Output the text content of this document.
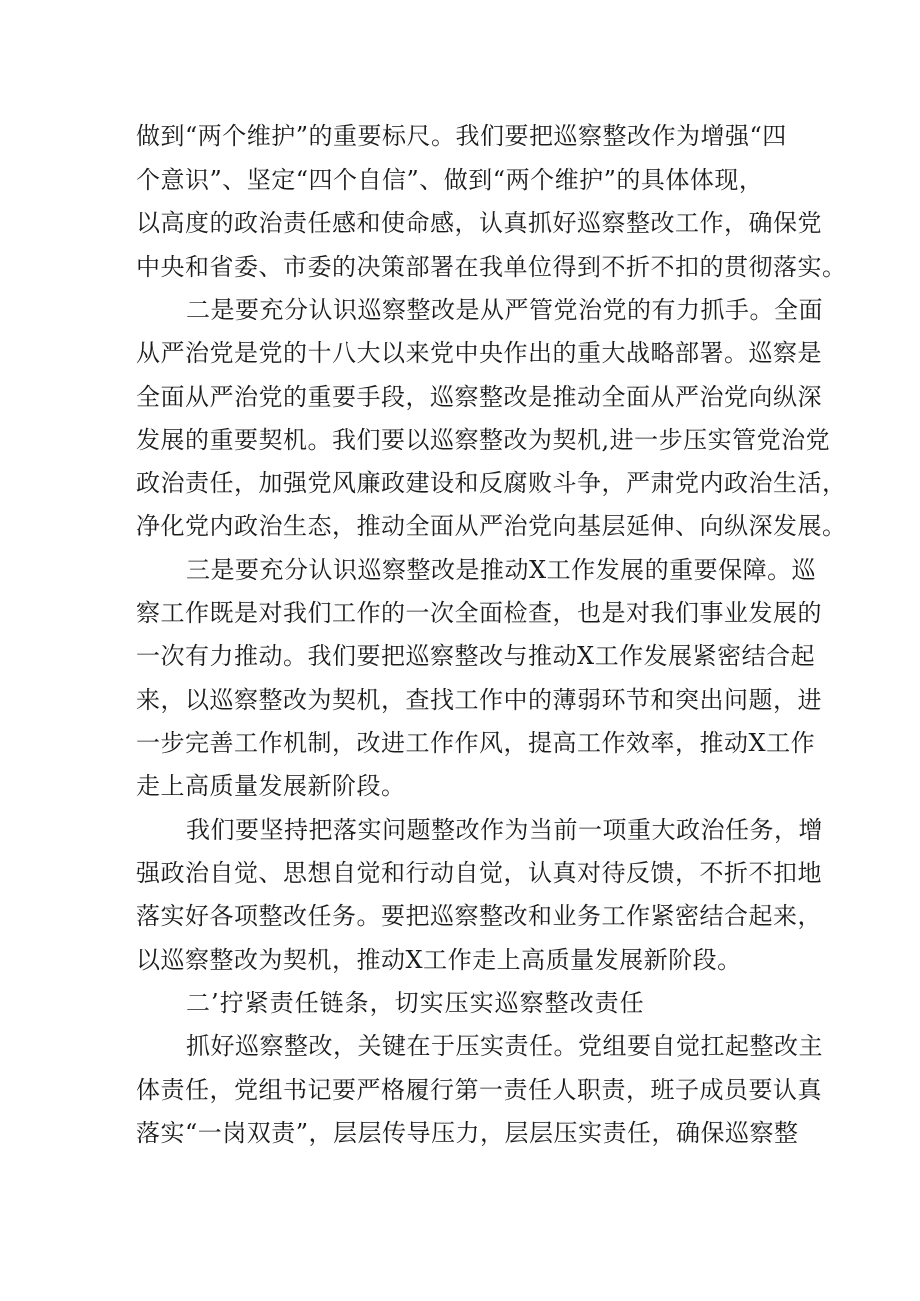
做到“两个维护”的重要标尺。我们要把巡察整改作为增强“四
个意识”、坚定“四个自信”、做到“两个维护”的具体体现，
以高度的政治责任感和使命感，认真抓好巡察整改工作，确保党
中央和省委、市委的决策部署在我单位得到不折不扣的贯彻落实。
二是要充分认识巡察整改是从严管党治党的有力抓手。全面
从严治党是党的十八大以来党中央作出的重大战略部署。巡察是
全面从严治党的重要手段，巡察整改是推动全面从严治党向纵深
发展的重要契机。我们要以巡察整改为契机,进一步压实管党治党
政治责任，加强党风廉政建设和反腐败斗争，严肃党内政治生活，
净化党内政治生态，推动全面从严治党向基层延伸、向纵深发展。
三是要充分认识巡察整改是推动X工作发展的重要保障。巡
察工作既是对我们工作的一次全面检查，也是对我们事业发展的
一次有力推动。我们要把巡察整改与推动X工作发展紧密结合起
来，以巡察整改为契机，查找工作中的薄弱环节和突出问题，进
一步完善工作机制，改进工作作风，提高工作效率，推动X工作
走上高质量发展新阶段。
我们要坚持把落实问题整改作为当前一项重大政治任务，增
强政治自觉、思想自觉和行动自觉，认真对待反馈，不折不扣地
落实好各项整改任务。要把巡察整改和业务工作紧密结合起来，
以巡察整改为契机，推动X工作走上高质量发展新阶段。
二’拧紧责任链条，切实压实巡察整改责任
抓好巡察整改，关键在于压实责任。党组要自觉扛起整改主
体责任，党组书记要严格履行第一责任人职责，班子成员要认真
落实“一岗双责”，层层传导压力，层层压实责任，确保巡察整
